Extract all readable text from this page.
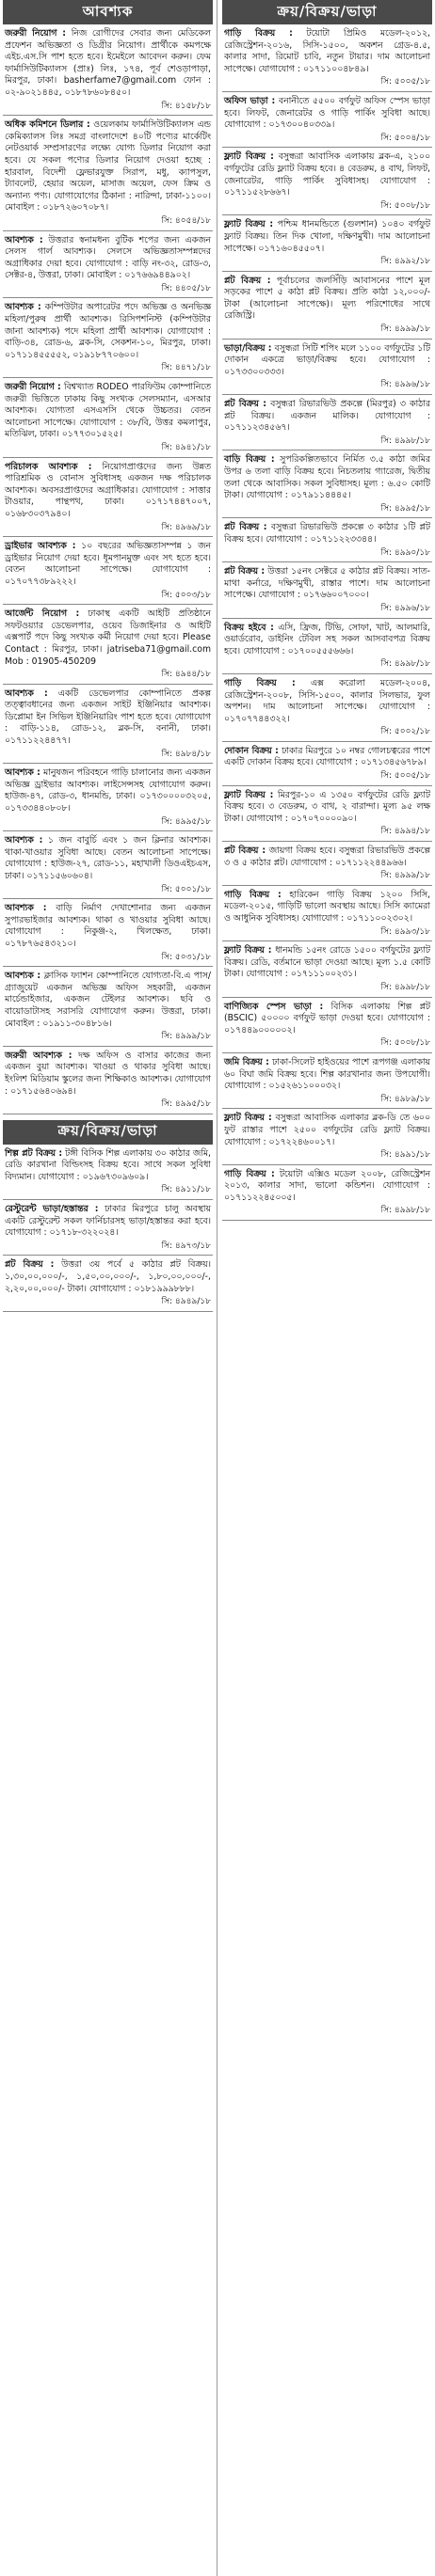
আবশ্যক
জরুরী নিয়োগ : নিজ রোগীদের সেবার জন্য মেডিকেল প্রফেশন অভিজ্ঞতা ও ডিগ্রীর নিয়োগ। প্রার্থীকে কমপক্ষে এইচ.এস.সি পাশ হতে হবে। ইমেইলে আবেদন করুন। ফেম ফার্মাসিউটিক্যালস (প্রাঃ) লিঃ, ১৭৪, পূর্ব শেওড়াপাড়া, মিরপুর, ঢাকা। basherfame7@gmail.com ফোন : ০২-৯০২১৪৪৫, ০১৮৭৮৬০৮৪৫০।
সি: ৪১৫৮/১৮
অধিক কমিশনে ডিলার : ওয়েলকাম ফার্মাসিউটিক্যালস এন্ড কেমিক্যালস লিঃ সমগ্র বাংলাদেশে ৪০টি পণ্যের মার্কেটিং নেটওয়ার্ক সম্প্রসারণের লক্ষ্যে যোগ্য ডিলার নিয়োগ করা হবে। যে সকল পণ্যের ডিলার নিয়োগ দেওয়া হচ্ছে : হারবাল, বিদেশী ফ্লেভারযুক্ত সিরাপ, মধু, ক্যাপসুল, ট্যাবলেট, হেয়ার অয়েল, মাসাজ অয়েল, ফেস ক্রিম ও অন্যান্য পণ্য। যোগাযোগের ঠিকানা : নারিন্দা, ঢাকা-১১০০। মোবাইল : ০১৮৭২৬০৭০৮৭।
সি: ৪০৫৪/১৮
আবশ্যক : উত্তরার স্বনামধন্য বুটিক শপের জন্য একজন সেলস গার্ল আবশ্যক। সেলসে অভিজ্ঞতাসম্পন্নদের অগ্রাধিকার দেয়া হবে। যোগাযোগ : বাড়ি নং-৩২, রোড-৩, সেক্টর-৪, উত্তরা, ঢাকা। মোবাইল : ০১৭৬৬৯৪৪৯০২।
সি: ৪৪০৫/১৮
আবশ্যক : কম্পিউটার অপারেটর পদে অভিজ্ঞ ও অনভিজ্ঞ মহিলা/পুরুষ প্রার্থী আবশ্যক। রিসিপশনিস্ট (কম্পিউটার জানা আবশ্যক) পদে মহিলা প্রার্থী আবশ্যক। যোগাযোগ : বাড়ি-৩৪, রোড-৬, ব্লক-সি, সেকশন-১০, মিরপুর, ঢাকা। ০১৭১১৪৫৫৫৫২, ০১৯১৮৭৭০৬০০।
সি: ৪৪৭১/১৮
জরুরী নিয়োগ : বিশ্বখ্যাত RODEO পারফিউম কোম্পানিতে জরুরী ভিত্তিতে ঢাকায় কিছু সংখ্যক সেলসম্যান, এসআর আবশ্যক। যোগ্যতা এসএসসি থেকে উচ্চতর। বেতন আলোচনা সাপেক্ষে। যোগাযোগ : ৩৮/বি, উত্তর কমলাপুর, মতিঝিল, ঢাকা। ০১৭৭৩০১৫২৫।
সি: ৪৯৪১/১৮
পরিচালক আবশ্যক : নিয়োগপ্রাপ্তদের জন্য উন্নত পারিশ্রমিক ও বোনাস সুবিধাসহ একজন দক্ষ পরিচালক আবশ্যক। অবসরপ্রাপ্তদের অগ্রাধিকার। যোগাযোগ : সাত্তার টাওয়ার, পান্থপথ, ঢাকা। ০১৭১৭৪৪৭০০৭, ০১৬৮৩০৩৭৯৪০।
সি: ৪৯৬৯/১৮
ড্রাইভার আবশ্যক : ১০ বছরের অভিজ্ঞতাসম্পন্ন ১ জন ড্রাইভার নিয়োগ দেয়া হবে। ধূমপানমুক্ত এবং সৎ হতে হবে। বেতন আলোচনা সাপেক্ষে। যোগাযোগ : ০১৭০৭৭৩৮৯২২২।
সি: ৫০০৩/১৮
আর্জেন্ট নিয়োগ : ঢাকাস্থ একটি আইটি প্রতিষ্ঠানে সফটওয়্যার ডেভেলপার, ওয়েব ডিজাইনার ও আইটি এক্সপার্ট পদে কিছু সংখ্যক কর্মী নিয়োগ দেয়া হবে। Please Contact : মিরপুর, ঢাকা। jatriseba71@gmail.com Mob : 01905-450209
সি: ৪৯৪৪/১৮
আবশ্যক : একটি ডেভেলপার কোম্পানিতে প্রকল্প তত্ত্বাবধানের জন্য একজন সাইট ইঞ্জিনিয়ার আবশ্যক। ডিপ্লোমা ইন সিভিল ইঞ্জিনিয়ারিং পাশ হতে হবে। যোগাযোগ : বাড়ি-১১৪, রোড-১২, ব্লক-সি, বনানী, ঢাকা। ০১৭১১২২৪৪৭৭।
সি: ৪৯৮৪/১৮
আবশ্যক : মানুষজন পরিবহনে গাড়ি চালানোর জন্য একজন অভিজ্ঞ ড্রাইভার আবশ্যক। লাইসেন্সসহ যোগাযোগ করুন। হাউজ-৪৭, রোড-৩, ধানমন্ডি, ঢাকা। ০১৭৩০০০০৩২০৫, ০১৭৩৩৪৪০৮০৮।
সি: ৪৯৯৫/১৮
আবশ্যক : ১ জন বাবুর্চি এবং ১ জন ক্লিনার আবশ্যক। থাকা-খাওয়ার সুবিধা আছে। বেতন আলোচনা সাপেক্ষে। যোগাযোগ : হাউজ-২৭, রোড-১১, মহাখালী ডিওএইচএস, ঢাকা। ০১৭১১৫৬০৬০৪।
সি: ৫০০১/১৮
আবশ্যক : বাড়ি নির্মাণ দেখাশোনার জন্য একজন সুপারভাইজার আবশ্যক। থাকা ও খাওয়ার সুবিধা আছে। যোগাযোগ : নিকুঞ্জ-২, খিলক্ষেত, ঢাকা। ০১৭৮৭৬৫৪৩২১০।
সি: ৫০৩১/১৮
আবশ্যক : ক্লাসিক ফ্যাশন কোম্পানিতে যোগ্যতা-বি.এ পাস/গ্র্যাজুয়েট একজন অভিজ্ঞ অফিস সহকারী, একজন মার্চেন্ডাইজার, একজন টেইলর আবশ্যক। ছবি ও বায়োডাটাসহ সরাসরি যোগাযোগ করুন। উত্তরা, ঢাকা। মোবাইল : ০১৯১১-৩০৪৮১৬।
সি: ৪৯৯৯/১৮
জরুরী আবশ্যক : দক্ষ অফিস ও বাসার কাজের জন্য একজন বুয়া আবশ্যক। খাওয়া ও থাকার সুবিধা আছে। ইংলিশ মিডিয়াম স্কুলের জন্য শিক্ষিকাও আবশ্যক। যোগাযোগ : ০১৭১৫৬৪০৬৯৪।
সি: ৪৯৯৫/১৮
ক্রয়/বিক্রয়/ভাড়া
শিল্প প্লট বিক্রয় : টঙ্গী বিসিক শিল্প এলাকায় ৩০ কাঠার জমি, রেডি কারখানা বিল্ডিংসহ বিক্রয় হবে। সাথে সকল সুবিধা বিদ্যমান। যোগাযোগ : ০১৯৬৭৩০৯৬০৯।
সি: ৪৯১১/১৮
রেস্টুরেন্ট ভাড়া/হস্তান্তর : ঢাকার মিরপুরে চালু অবস্থায় একটি রেস্টুরেন্ট সকল ফার্নিচারসহ ভাড়া/হস্তান্তর করা হবে। যোগাযোগ : ০১৭১৮-৩২২০২৪।
সি: ৪৯৭৩/১৮
প্লট বিক্রয় : উত্তরা ৩য় পর্বে ৫ কাঠার প্লট বিক্রয়। ১,৩০,০০,০০০/-, ১,৫০,০০,০০০/-, ১,৮০,০০,০০০/-, ২,২০,০০,০০০/- টাকা। যোগাযোগ : ০১৮১৯৯৯৮৮৮।
সি: ৪৯৪৯/১৮
ক্রয়/বিক্রয়/ভাড়া
গাড়ি বিক্রয় : টয়োটা প্রিমিও মডেল-২০১২, রেজিস্ট্রেশন-২০১৬, সিসি-১৫০০, অকশন গ্রেড-৪.৫, কালার সাদা, রিমোট চাবি, নতুন টায়ার। দাম আলোচনা সাপেক্ষে। যোগাযোগ : ০১৭১১০০৪৮৪৯।
সি: ৫০০৫/১৮
অফিস ভাড়া : বনানীতে ৫৫০০ বর্গফুট অফিস স্পেস ভাড়া হবে। লিফট, জেনারেটর ও গাড়ি পার্কিং সুবিধা আছে। যোগাযোগ : ০১৭৩০০৪০৩৩৯।
সি: ৫০০৪/১৮
ফ্ল্যাট বিক্রয় : বসুন্ধরা আবাসিক এলাকায় ব্লক-এ, ২১০০ বর্গফুটের রেডি ফ্ল্যাট বিক্রয় হবে। ৪ বেডরুম, ৪ বাথ, লিফট, জেনারেটর, গাড়ি পার্কিং সুবিধাসহ। যোগাযোগ : ০১৭১১৫২৮৬৬৭।
সি: ৫০০৮/১৮
ফ্ল্যাট বিক্রয় : পশ্চিম ধানমন্ডিতে (গুলশান) ১০৪০ বর্গফুট ফ্ল্যাট বিক্রয়। তিন দিক খোলা, দক্ষিণমুখী। দাম আলোচনা সাপেক্ষে। ০১৭১৬০৪৫৫০৭।
সি: ৪৯৯২/১৮
প্লট বিক্রয় : পূর্বাচলের জলসিঁড়ি আবাসনের পাশে মূল সড়কের পাশে ৫ কাঠা প্লট বিক্রয়। প্রতি কাঠা ১২,০০০/- টাকা (আলোচনা সাপেক্ষে)। মূল্য পরিশোধের সাথে রেজিস্ট্রি।
সি: ৪৯৯৯/১৮
ভাড়া/বিক্রয় : বসুন্ধরা সিটি শপিং মলে ১১০০ বর্গফুটের ১টি দোকান একত্রে ভাড়া/বিক্রয় হবে। যোগাযোগ : ০১৭৩৩০০৩৩৩।
সি: ৪৯৯৬/১৮
প্লট বিক্রয় : বসুন্ধরা রিভারভিউ প্রকল্পে (মিরপুর) ৩ কাঠার প্লট বিক্রয়। একজন মালিক। যোগাযোগ : ০১৭১১২৩৪৫৬৭।
সি: ৪৯৯৮/১৮
বাড়ি বিক্রয় : সুপরিকল্পিতভাবে নির্মিত ৩.৫ কাঠা জমির উপর ৬ তলা বাড়ি বিক্রয় হবে। নিচতলায় গ্যারেজ, দ্বিতীয় তলা থেকে আবাসিক। সকল সুবিধাসহ। মূল্য : ৬.৫০ কোটি টাকা। যোগাযোগ : ০১৭৯১১৪৪৪৫।
সি: ৪৯৯৫/১৮
প্লট বিক্রয় : বসুন্ধরা রিভারভিউ প্রকল্পে ৩ কাঠার ১টি প্লট বিক্রয় হবে। যোগাযোগ : ০১৭১১২২৩৩৪৪।
সি: ৪৯৯০/১৮
প্লট বিক্রয় : উত্তরা ১৫নং সেক্টরে ৫ কাঠার প্লট বিক্রয়। সাত-মাথা কর্নারে, দক্ষিণমুখী, রাস্তার পাশে। দাম আলোচনা সাপেক্ষে। যোগাযোগ : ০১৭৬৬০০৭০০০।
সি: ৪৯৯৬/১৮
বিক্রয় হইবে : এসি, ফ্রিজ, টিভি, সোফা, খাট, আলমারি, ওয়ার্ডরোব, ডাইনিং টেবিল সহ সকল আসবাবপত্র বিক্রয় হবে। যোগাযোগ : ০১৭০০৫৫৫৬৬৬।
সি: ৪৯৯৮/১৮
গাড়ি বিক্রয় : এক্স করোলা মডেল-২০০৪, রেজিস্ট্রেশন-২০০৮, সিসি-১৫০০, কালার সিলভার, ফুল অপশন। দাম আলোচনা সাপেক্ষে। যোগাযোগ : ০১৭০৭৭৪৪৩২২।
সি: ৫০০২/১৮
দোকান বিক্রয় : ঢাকার মিরপুরে ১০ নম্বর গোলচত্বরের পাশে একটি দোকান বিক্রয় হবে। যোগাযোগ : ০১৭১৩৪৫৬৭৮৯।
সি: ৫০০৫/১৮
ফ্ল্যাট বিক্রয় : মিরপুর-১০ এ ১৩৫০ বর্গফুটের রেডি ফ্ল্যাট বিক্রয় হবে। ৩ বেডরুম, ৩ বাথ, ২ বারান্দা। মূল্য ৯৫ লক্ষ টাকা। যোগাযোগ : ০১৭০৭০০০০৯০।
সি: ৪৯৯৪/১৮
প্লট বিক্রয় : জায়গা বিক্রয় হবে। বসুন্ধরা রিভারভিউ প্রকল্পে ৩ ও ৫ কাঠার প্লট। যোগাযোগ : ০১৭১১২২৪৪৯৬৬।
সি: ৪৯৯৯/১৮
গাড়ি বিক্রয় : হারিকেন গাড়ি বিক্রয় ১২০০ সিসি, মডেল-২০১৫, গাড়িটি ভালো অবস্থায় আছে। সিসি ক্যামেরা ও আধুনিক সুবিধাসহ। যোগাযোগ : ০১৭১১০০২৩০২।
সি: ৪৯৯৩/১৮
ফ্ল্যাট বিক্রয় : ধানমন্ডি ১৫নং রোডে ১৫০০ বর্গফুটের ফ্ল্যাট বিক্রয়। রেডি, বর্তমানে ভাড়া দেওয়া আছে। মূল্য ১.৫ কোটি টাকা। যোগাযোগ : ০১৭১১১০০২৩১।
সি: ৪৯৯৮/১৮
বাণিজ্যিক স্পেস ভাড়া : বিসিক এলাকায় শিল্প প্লট (BSCIC) ৫০০০০ বর্গফুট ভাড়া দেওয়া হবে। যোগাযোগ : ০১৭৪৪৯০০০০০২।
সি: ৫০০৮/১৮
জমি বিক্রয় : ঢাকা-সিলেট হাইওয়ের পাশে রূপগঞ্জ এলাকায় ৬০ বিঘা জমি বিক্রয় হবে। শিল্প কারখানার জন্য উপযোগী। যোগাযোগ : ০১৫২৬১১০০০৩২।
সি: ৪৯৮৯/১৮
ফ্ল্যাট বিক্রয় : বসুন্ধরা আবাসিক এলাকার ব্লক-ডি তে ৬০০ ফুট রাস্তার পাশে ২৫০০ বর্গফুটের রেডি ফ্ল্যাট বিক্রয়। যোগাযোগ : ০১৭২২৪৬০০১৭।
সি: ৪৯৯১/১৮
গাড়ি বিক্রয় : টয়োটা এক্সিও মডেল ২০০৮, রেজিস্ট্রেশন ২০১৩, কালার সাদা, ভালো কন্ডিশন। যোগাযোগ : ০১৭১১২২৪৫০০৫।
সি: ৪৯৯৮/১৮
